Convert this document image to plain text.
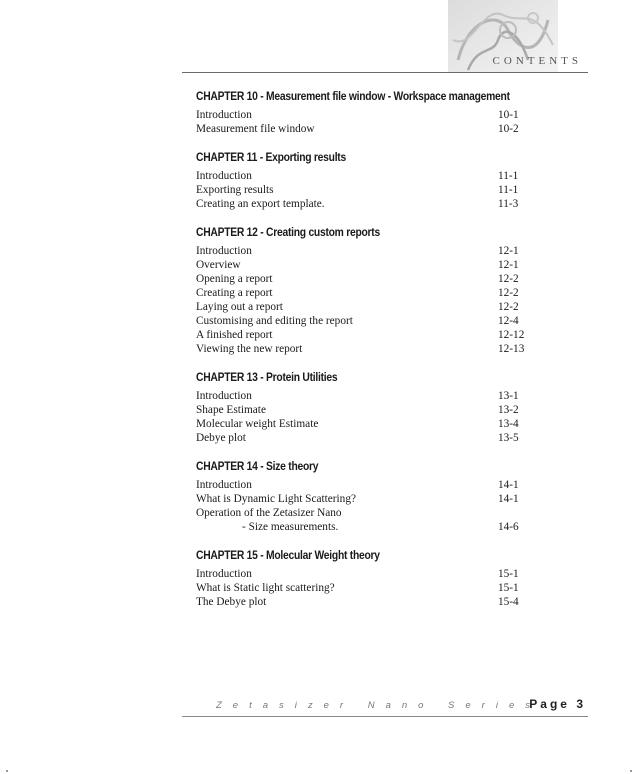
CONTENTS
CHAPTER 10 - Measurement file window - Workspace management
Introduction	10-1
Measurement file window	10-2
CHAPTER 11 - Exporting results
Introduction	11-1
Exporting results	11-1
Creating an export template.	11-3
CHAPTER 12 - Creating custom reports
Introduction	12-1
Overview	12-1
Opening a report	12-2
Creating a report	12-2
Laying out a report	12-2
Customising and editing the report	12-4
A finished report	12-12
Viewing the new report	12-13
CHAPTER 13 - Protein Utilities
Introduction	13-1
Shape Estimate	13-2
Molecular weight Estimate	13-4
Debye plot	13-5
CHAPTER 14 - Size theory
Introduction	14-1
What is Dynamic Light Scattering?	14-1
Operation of the Zetasizer Nano
- Size measurements.	14-6
CHAPTER 15 - Molecular Weight theory
Introduction	15-1
What is Static light scattering?	15-1
The Debye plot	15-4
Zetasizer Nano Series
Page 3
